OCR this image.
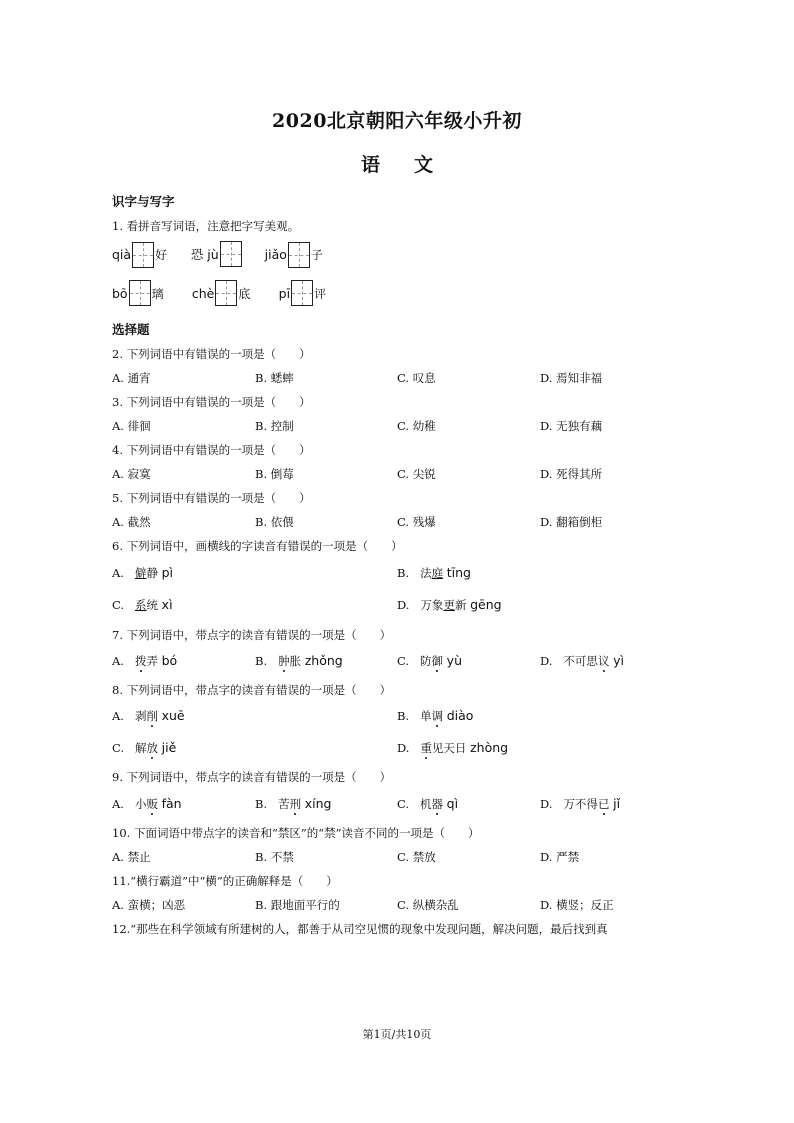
2020北京朝阳六年级小升初
语文
识字与写字
1. 看拼音写词语，注意把字写美观。
qià 好
恐 jù
	jiǎo 子
bō 璃
chè 底
pī 评
选择题
2. 下列词语中有错误的一项是（　　）
A. 通宵	B. 蟋蟀	C. 叹息	D. 焉知非福
3. 下列词语中有错误的一项是（　　）
A. 徘徊	B. 控制	C. 幼稚	D. 无独有藕
4. 下列词语中有错误的一项是（　　）
A. 寂寞	B. 倒莓	C. 尖锐	D. 死得其所
5. 下列词语中有错误的一项是（　　）
A. 截然	B. 依偎	C. 残爆	D. 翻箱倒柜
6. 下列词语中，画横线的字读音有错误的一项是（　　）
A. 僻静 pì	B. 法庭 tīng
C. 系统 xì	D. 万象更新 gēng
7. 下列词语中，带点字的读音有错误的一项是（　　）
A. 拨弄 bó	B. 肿胀 zhǒng	C. 防御 yù	D. 不可思议 yì
8. 下列词语中，带点字的读音有错误的一项是（　　）
A. 剥削 xuē	B. 单调 diào
C. 解放 jiě	D. 重见天日 zhòng
9. 下列词语中，带点字的读音有错误的一项是（　　）
A. 小贩 fàn	B. 苦刑 xíng	C. 机器 qì	D. 万不得已 jǐ
10. 下面词语中带点字的读音和“禁区”的“禁”读音不同的一项是（　　）
A. 禁止	B. 不禁	C. 禁放	D. 严禁
11.“横行霸道”中“横”的正确解释是（　　）
A. 蛮横；凶恶	B. 跟地面平行的	C. 纵横杂乱	D. 横竖；反正
12.“那些在科学领域有所建树的人，都善于从司空见惯的现象中发现问题，解决问题，最后找到真
第1页/共10页
